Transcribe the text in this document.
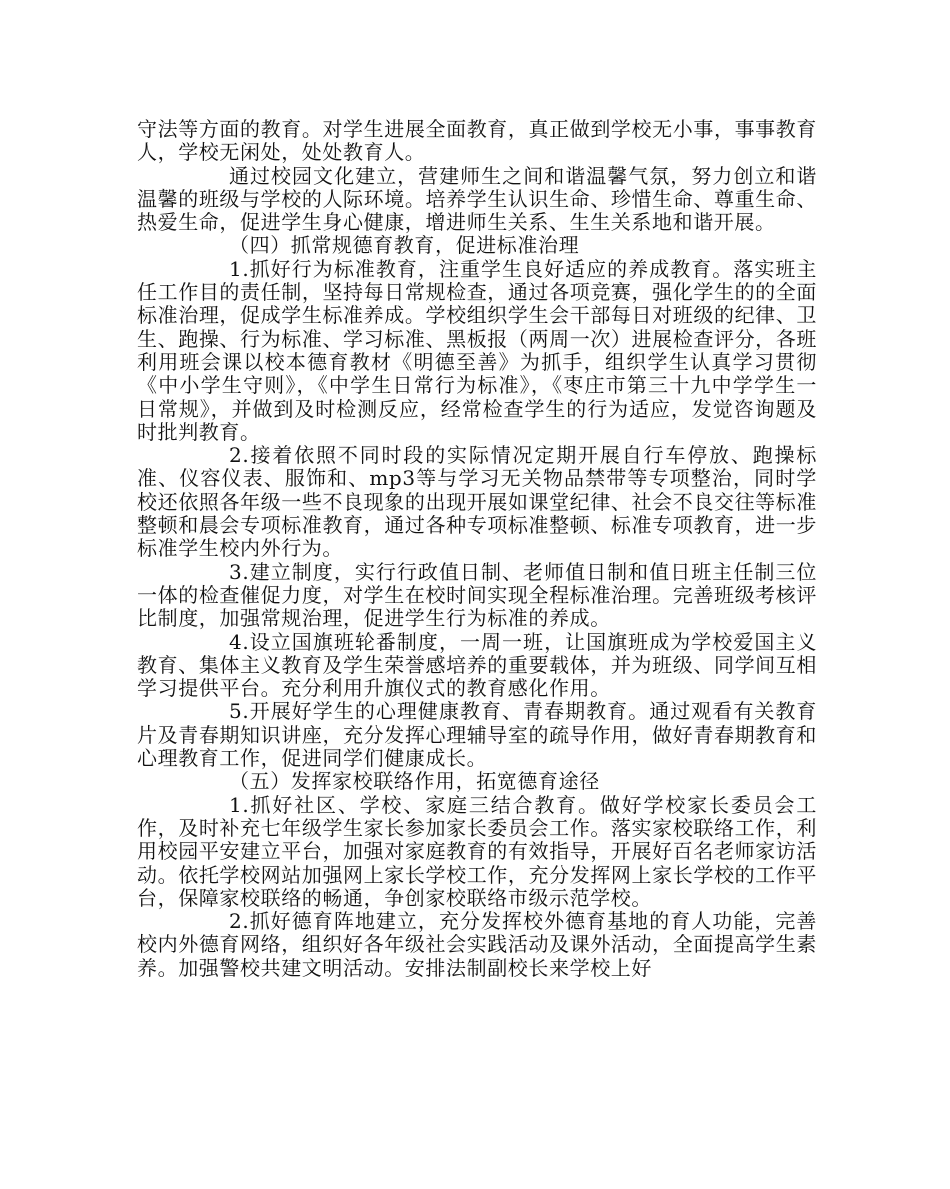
守法等方面的教育。对学生进展全面教育，真正做到学校无小事，事事教育人，学校无闲处，处处教育人。

通过校园文化建立，营建师生之间和谐温馨气氛，努力创立和谐温馨的班级与学校的人际环境。培养学生认识生命、珍惜生命、尊重生命、热爱生命，促进学生身心健康，增进师生关系、生生关系地和谐开展。

（四）抓常规德育教育，促进标准治理

1.抓好行为标准教育，注重学生良好适应的养成教育。落实班主任工作目的责任制，坚持每日常规检查，通过各项竞赛，强化学生的的全面标准治理，促成学生标准养成。学校组织学生会干部每日对班级的纪律、卫生、跑操、行为标准、学习标准、黑板报（两周一次）进展检查评分，各班利用班会课以校本德育教材《明德至善》为抓手，组织学生认真学习贯彻《中小学生守则》，《中学生日常行为标准》，《枣庄市第三十九中学学生一日常规》，并做到及时检测反应，经常检查学生的行为适应，发觉咨询题及时批判教育。

2.接着依照不同时段的实际情况定期开展自行车停放、跑操标准、仪容仪表、服饰和、mp3等与学习无关物品禁带等专项整治，同时学校还依照各年级一些不良现象的出现开展如课堂纪律、社会不良交往等标准整顿和晨会专项标准教育，通过各种专项标准整顿、标准专项教育，进一步标准学生校内外行为。

3.建立制度，实行行政值日制、老师值日制和值日班主任制三位一体的检查催促力度，对学生在校时间实现全程标准治理。完善班级考核评比制度，加强常规治理，促进学生行为标准的养成。

4.设立国旗班轮番制度，一周一班，让国旗班成为学校爱国主义教育、集体主义教育及学生荣誉感培养的重要载体，并为班级、同学间互相学习提供平台。充分利用升旗仪式的教育感化作用。

5.开展好学生的心理健康教育、青春期教育。通过观看有关教育片及青春期知识讲座，充分发挥心理辅导室的疏导作用，做好青春期教育和心理教育工作，促进同学们健康成长。

（五）发挥家校联络作用，拓宽德育途径

1.抓好社区、学校、家庭三结合教育。做好学校家长委员会工作，及时补充七年级学生家长参加家长委员会工作。落实家校联络工作，利用校园平安建立平台，加强对家庭教育的有效指导，开展好百名老师家访活动。依托学校网站加强网上家长学校工作，充分发挥网上家长学校的工作平台，保障家校联络的畅通，争创家校联络市级示范学校。

2.抓好德育阵地建立，充分发挥校外德育基地的育人功能，完善校内外德育网络，组织好各年级社会实践活动及课外活动，全面提高学生素养。加强警校共建文明活动。安排法制副校长来学校上好
